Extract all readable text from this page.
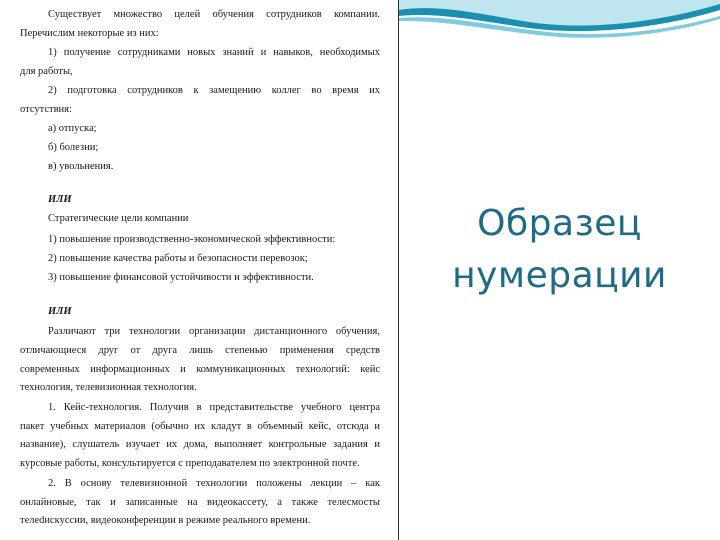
Существует множество целей обучения сотрудников компании.
Перечислим некоторые из них:
1) получение сотрудниками новых знаний и навыков, необходимых
для работы,
2) подготовка сотрудников к замещению коллег во время их
отсутствия:
а) отпуска;
б) болезни;
в) увольнения.
ИЛИ
Стратегические цели компании
1) повышение производственно-экономической эффективности:
2) повышение качества работы и безопасности перевозок;
3) повышение финансовой устойчивости и эффективности.
ИЛИ
Различают три технологии организации дистанционного обучения,
отличающиеся друг от друга лишь степенью применения средств
современных информационных и коммуникационных технологий: кейс
технология, телевизионная технология.
1. Кейс-технология. Получив в представительстве учебного центра
пакет учебных материалов (обычно их кладут в объемный кейс, отсюда и
название), слушатель изучает их дома, выполняет контрольные задания и
курсовые работы, консультируется с преподавателем по электронной почте.
2. В основу телевизионной технологии положены лекции – как
онлайновые, так и записанные на видеокассету, а также телесмосты
телеdискуссии, видеоконференции в режиме реального времени.
Образец
нумерации
